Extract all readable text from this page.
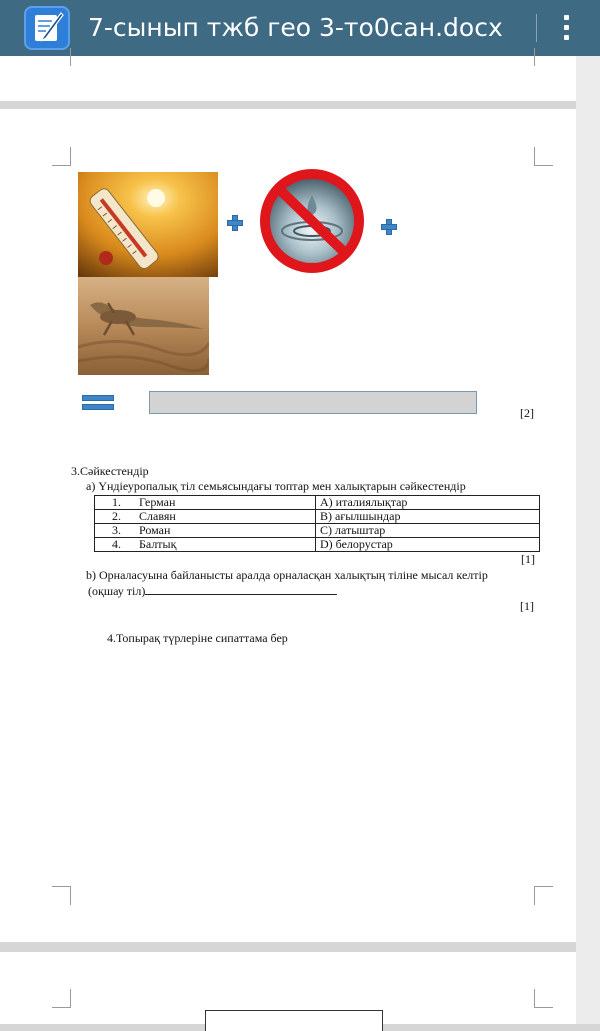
7-сынып тжб гео 3-то0сан.docx
[2]
3.Сәйкестендір
a) Үндіеуропалық тіл семьясындағы топтар мен халықтарын сәйкестендір
1. Герман	A) италиялықтар
2. Славян	B) ағылшындар
3. Роман	C) латыштар
4. Балтық	D) белорустар
[1]
b) Орналасуына байланысты аралда орналасқан халықтың тіліне мысал келтір
(оқшау тіл)
[1]
4.Топырақ түрлеріне сипаттама бер
